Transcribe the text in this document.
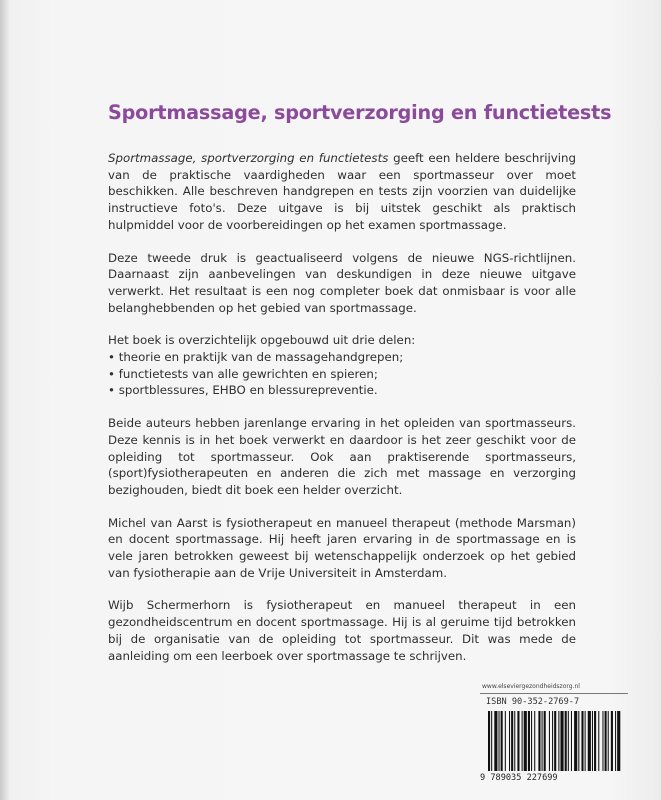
Sportmassage, sportverzorging en functietests

Sportmassage, sportverzorging en functietests geeft een heldere beschrijving van de praktische vaardigheden waar een sportmasseur over moet beschikken. Alle beschreven handgrepen en tests zijn voorzien van duidelijke instructieve foto's. Deze uitgave is bij uitstek geschikt als praktisch hulpmiddel voor de voorbereidingen op het examen sportmassage.

Deze tweede druk is geactualiseerd volgens de nieuwe NGS-richtlijnen. Daarnaast zijn aanbevelingen van deskundigen in deze nieuwe uitgave verwerkt. Het resultaat is een nog completer boek dat onmisbaar is voor alle belanghebbenden op het gebied van sportmassage.

Het boek is overzichtelijk opgebouwd uit drie delen:
• theorie en praktijk van de massagehandgrepen;
• functietests van alle gewrichten en spieren;
• sportblessures, EHBO en blessurepreventie.

Beide auteurs hebben jarenlange ervaring in het opleiden van sportmasseurs. Deze kennis is in het boek verwerkt en daardoor is het zeer geschikt voor de opleiding tot sportmasseur. Ook aan praktiserende sportmasseurs, (sport)fysiotherapeuten en anderen die zich met massage en verzorging bezighouden, biedt dit boek een helder overzicht.

Michel van Aarst is fysiotherapeut en manueel therapeut (methode Marsman) en docent sportmassage. Hij heeft jaren ervaring in de sportmassage en is vele jaren betrokken geweest bij wetenschappelijk onderzoek op het gebied van fysiotherapie aan de Vrije Universiteit in Amsterdam.

Wijb Schermerhorn is fysiotherapeut en manueel therapeut in een gezondheidscentrum en docent sportmassage. Hij is al geruime tijd betrokken bij de organisatie van de opleiding tot sportmasseur. Dit was mede de aanleiding om een leerboek over sportmassage te schrijven.

www.elseviergezondheidszorg.nl
ISBN 90-352-2769-7
9 789035 227699
